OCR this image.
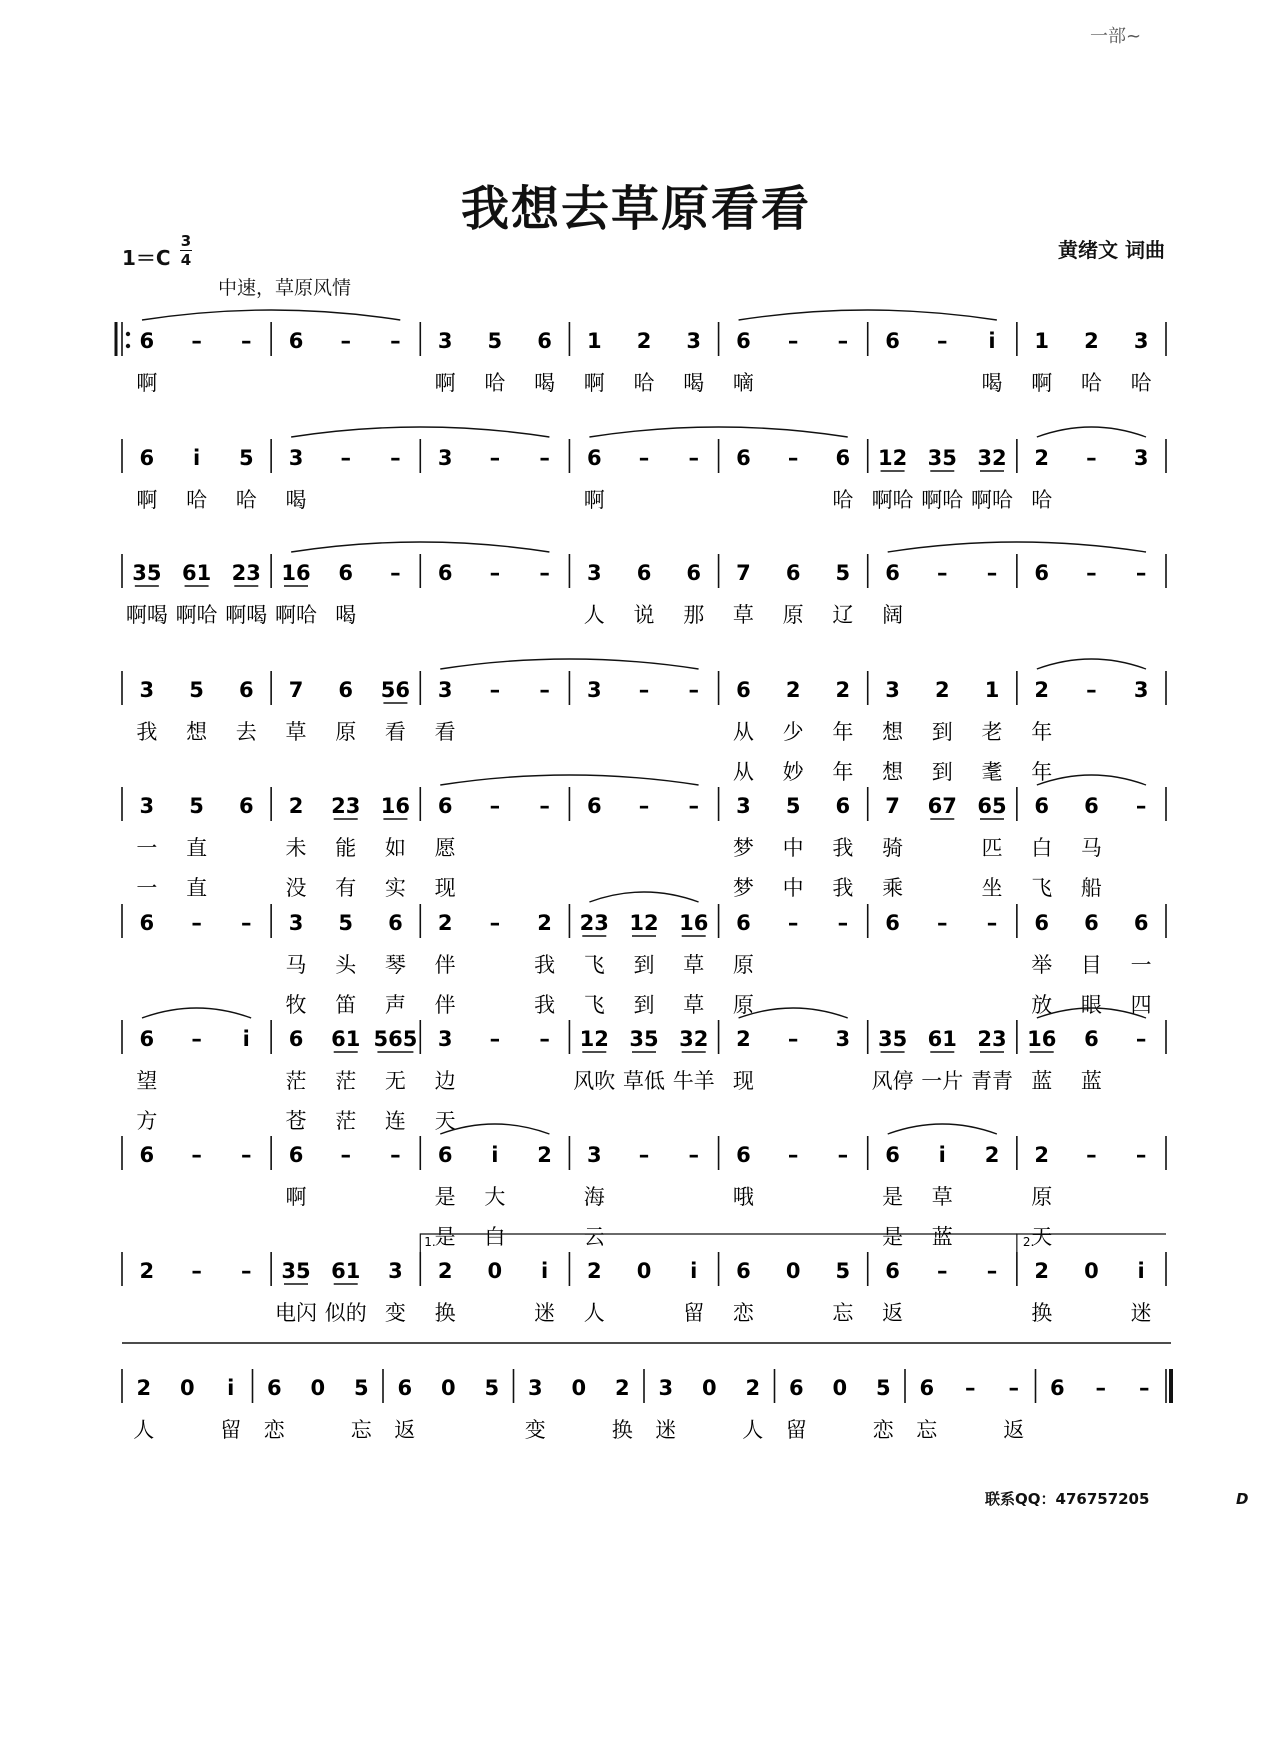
一部~
我想去草原看看
1＝C
3
4
中速，草原风情
黄绪文 词曲
6
啊
– – 6 – – 3
啊
5
哈
6
喝
1
啊
2
哈
3
喝
6
嘀
– – 6 – i
喝
1
啊
2
哈
3
哈
6
啊
i
哈
5
哈
3
喝
– – 3 – – 6
啊
– – 6 – 6
哈
12
啊哈
35
啊哈
32
啊哈
2
哈
– 3
35
啊喝
61
啊哈
23
啊喝
16
啊哈
6
喝
– 6 – – 3
人
6
说
6
那
7
草
6
原
5
辽
6
阔
– – 6 – –
3
我
5
想
6
去
7
草
6
原
56
看
3
看
– – 3 – – 6
从
从
2
少
妙
2
年
年
3
想
想
2
到
到
1
老
耄
2
年
年
– 3
3
一
一
5
直
直
6 2
未
没
23
能
有
16
如
实
6
愿
现
– – 6 – – 3
梦
梦
5
中
中
6
我
我
7
骑
乘
67 65
匹
坐
6
白
飞
6
马
船
–
6 – – 3
马
牧
5
头
笛
6
琴
声
2
伴
伴
– 2
我
我
23
飞
飞
12
到
到
16
草
草
6
原
原
– – 6 – – 6
举
放
6
目
眼
6
一
四
6
望
方
– i 6
茫
苍
61
茫
茫
565
无
连
3
边
天
– – 12
风吹
35
草低
32
牛羊
2
现
– 3 35
风停
61
一片
23
青青
16
蓝
6
蓝
–
6 – – 6
啊
– – 6
是
是
i
大
白
2 3
海
云
– – 6
哦
– – 6
是
是
i
草
蓝
2 2
原
天
– –
2 – – 35
电闪
61
似的
3
变
2
换
0 i
迷
2
人
0 i
留
6
恋
0 5
忘
6
返
– – 2
换
0 i
迷
1.	2.
2
人
0 i
留
6
恋
0 5
忘
6
返
0 5 3
变
0 2
换
3
迷
0 2
人
6
留
0 5
恋
6
忘
– –
返
6 – –
联系QQ：476757205	D
